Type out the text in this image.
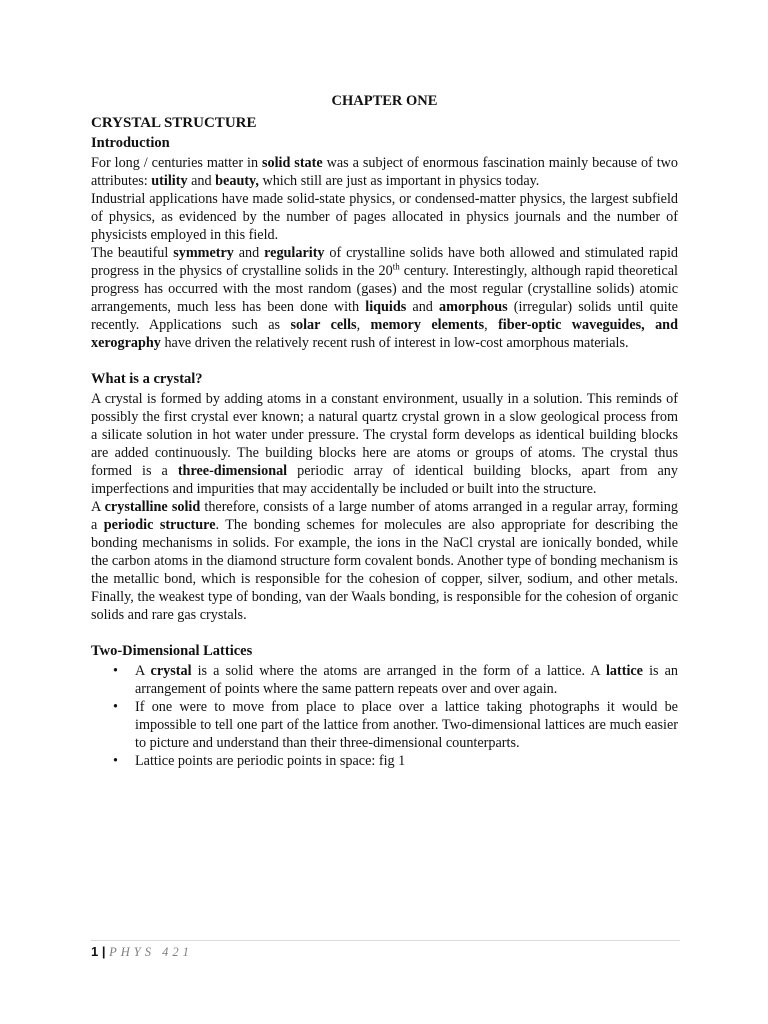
CHAPTER ONE
CRYSTAL STRUCTURE
Introduction

For long / centuries matter in solid state was a subject of enormous fascination mainly because of two attributes: utility and beauty, which still are just as important in physics today.

Industrial applications have made solid-state physics, or condensed-matter physics, the largest subfield of physics, as evidenced by the number of pages allocated in physics journals and the number of physicists employed in this field.

The beautiful symmetry and regularity of crystalline solids have both allowed and stimulated rapid progress in the physics of crystalline solids in the 20th century. Interestingly, although rapid theoretical progress has occurred with the most random (gases) and the most regular (crystalline solids) atomic arrangements, much less has been done with liquids and amorphous (irregular) solids until quite recently. Applications such as solar cells, memory elements, fiber-optic waveguides, and xerography have driven the relatively recent rush of interest in low-cost amorphous materials.

What is a crystal?

A crystal is formed by adding atoms in a constant environment, usually in a solution. This reminds of possibly the first crystal ever known; a natural quartz crystal grown in a slow geological process from a silicate solution in hot water under pressure. The crystal form develops as identical building blocks are added continuously. The building blocks here are atoms or groups of atoms. The crystal thus formed is a three-dimensional periodic array of identical building blocks, apart from any imperfections and impurities that may accidentally be included or built into the structure.

A crystalline solid therefore, consists of a large number of atoms arranged in a regular array, forming a periodic structure. The bonding schemes for molecules are also appropriate for describing the bonding mechanisms in solids. For example, the ions in the NaCl crystal are ionically bonded, while the carbon atoms in the diamond structure form covalent bonds. Another type of bonding mechanism is the metallic bond, which is responsible for the cohesion of copper, silver, sodium, and other metals. Finally, the weakest type of bonding, van der Waals bonding, is responsible for the cohesion of organic solids and rare gas crystals.

Two-Dimensional Lattices
• A crystal is a solid where the atoms are arranged in the form of a lattice. A lattice is an arrangement of points where the same pattern repeats over and over again.
• If one were to move from place to place over a lattice taking photographs it would be impossible to tell one part of the lattice from another. Two-dimensional lattices are much easier to picture and understand than their three-dimensional counterparts.
• Lattice points are periodic points in space: fig 1
1 | PHYS 421
